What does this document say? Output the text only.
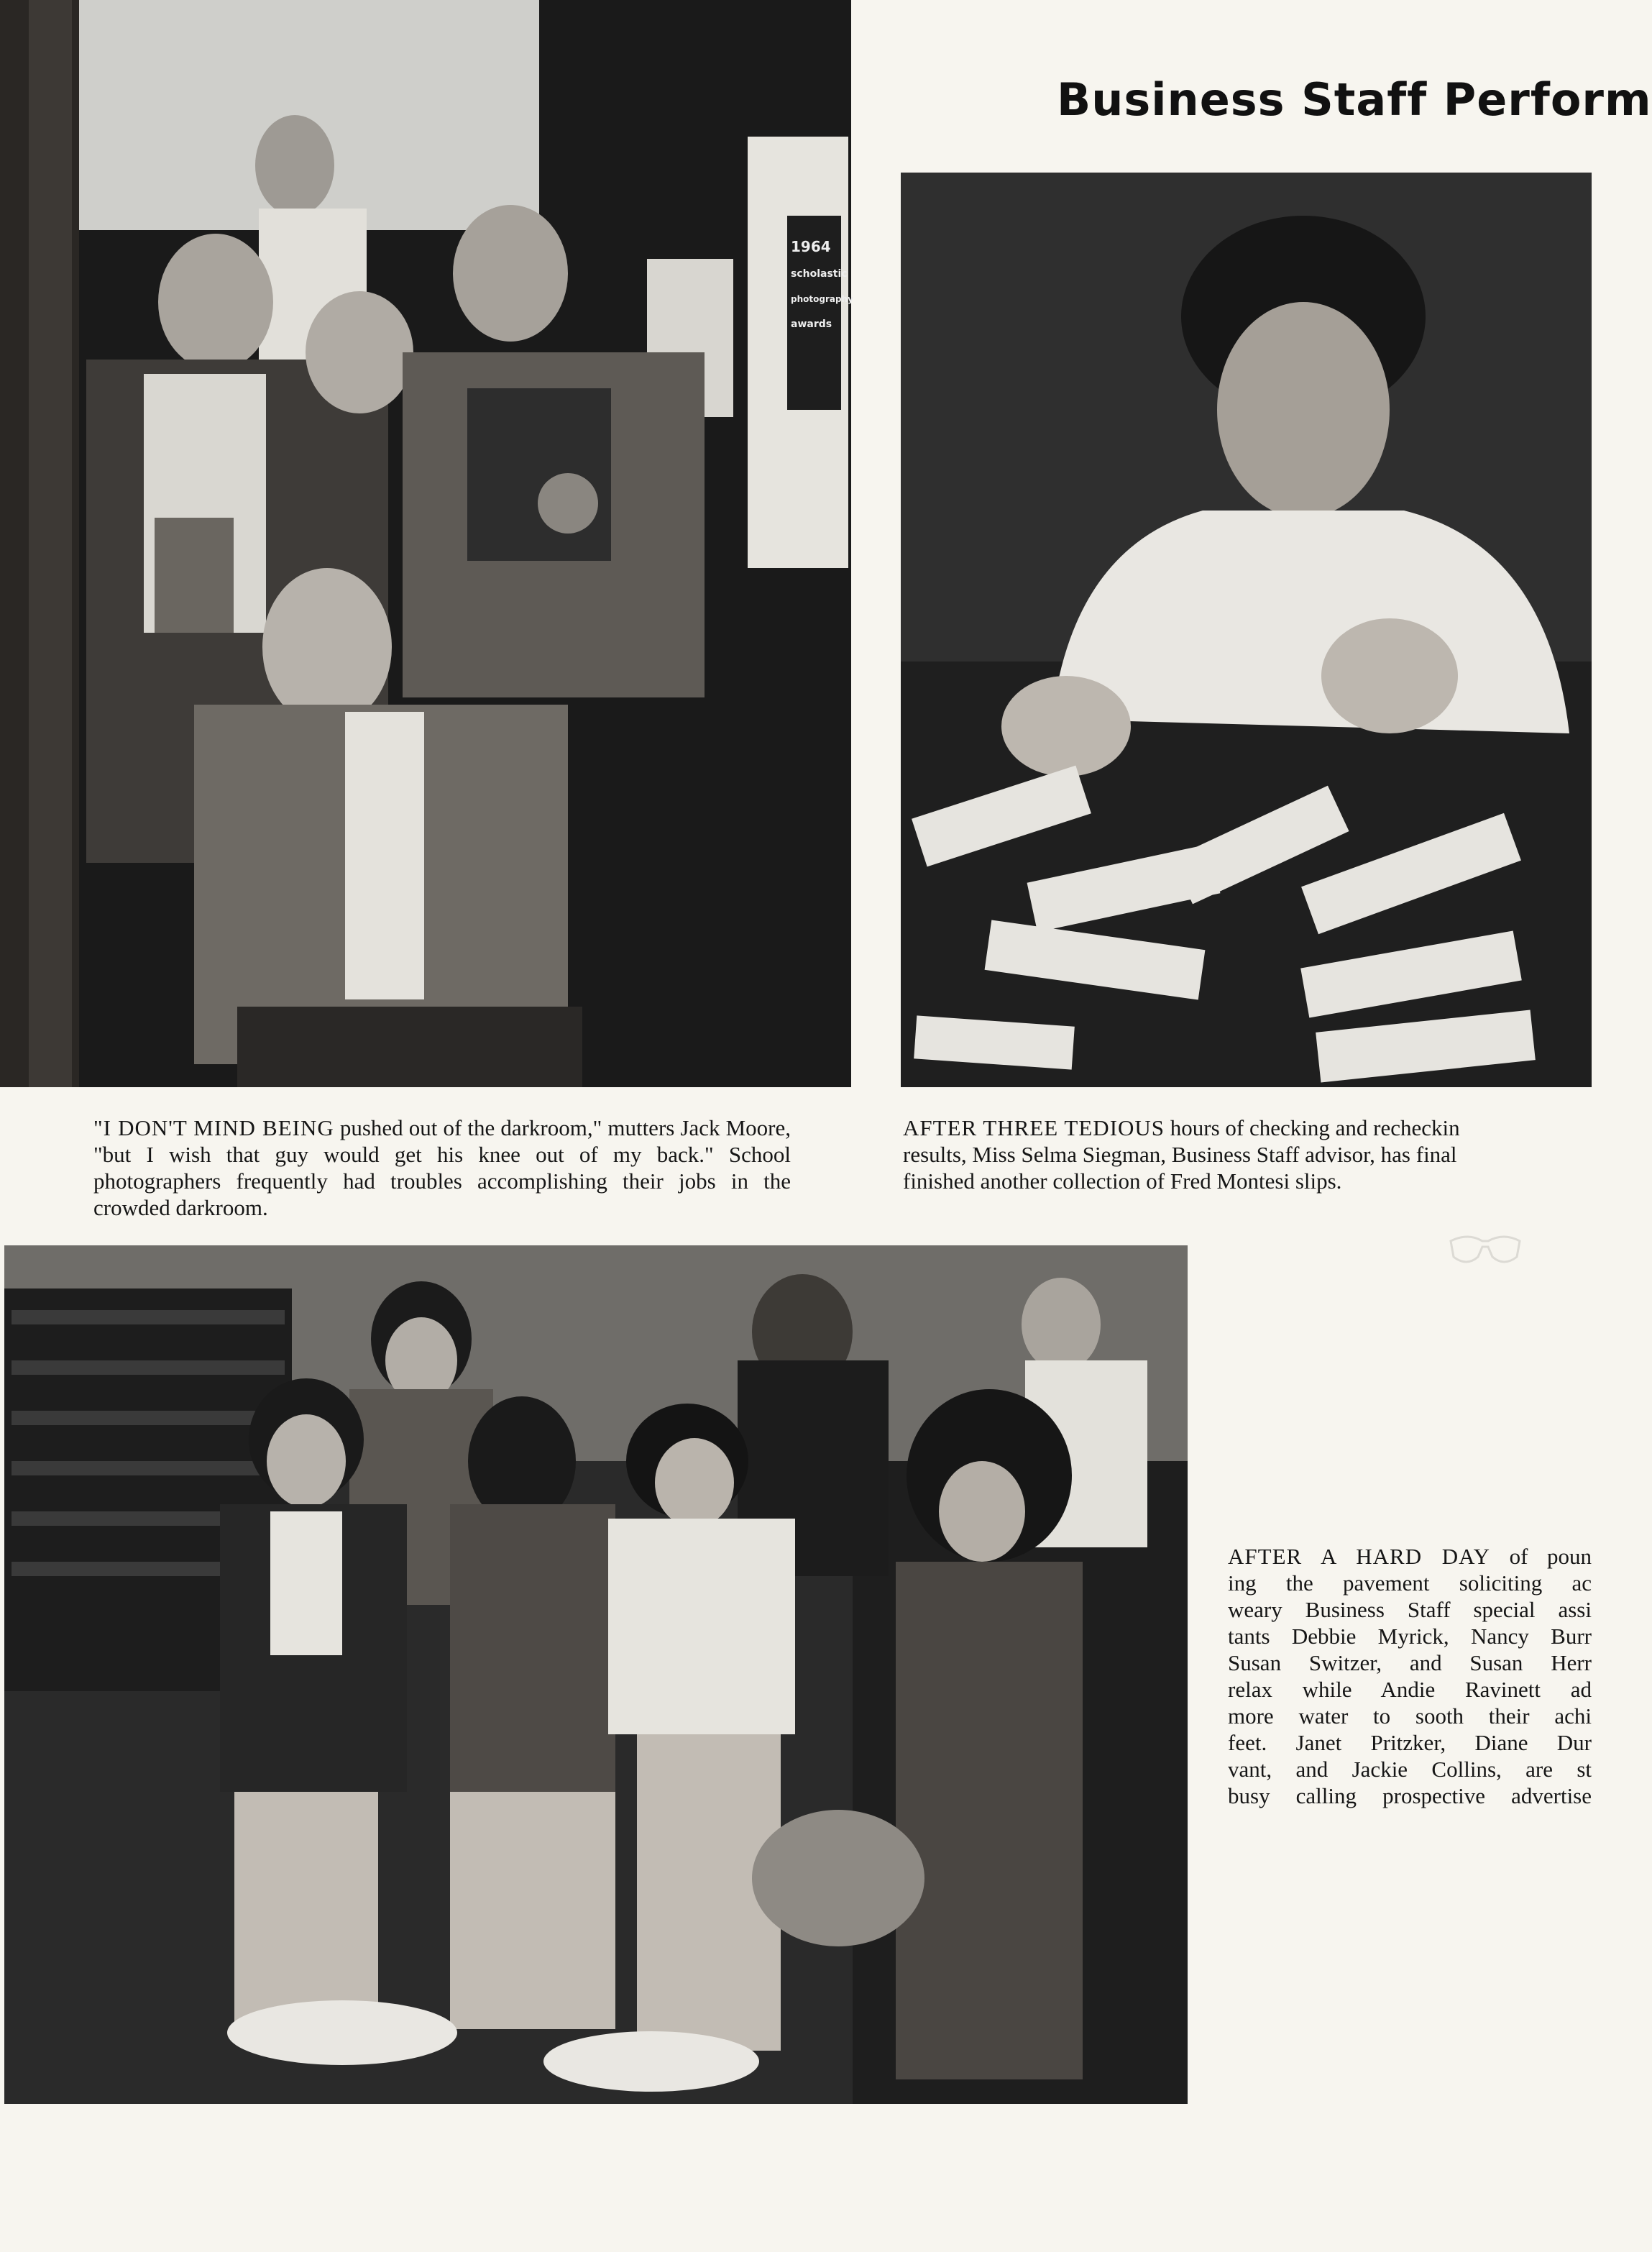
1964
scholastic
photography
awards
Business Staff Perform
"I DON'T MIND BEING pushed out of the darkroom," mutters Jack Moore, "but I wish that guy would get his knee out of my back." School photographers frequently had troubles accomplishing their jobs in the crowded darkroom.
AFTER THREE TEDIOUS hours of checking and recheckin
results, Miss Selma Siegman, Business Staff advisor, has final
finished another collection of Fred Montesi slips.
AFTER A HARD DAY of poun
ing the pavement soliciting ac
weary Business Staff special assi
tants Debbie Myrick, Nancy Burr
Susan Switzer, and Susan Herr
relax while Andie Ravinett ad
more water to sooth their achi
feet. Janet Pritzker, Diane Dur
vant, and Jackie Collins, are st
busy calling prospective advertise
